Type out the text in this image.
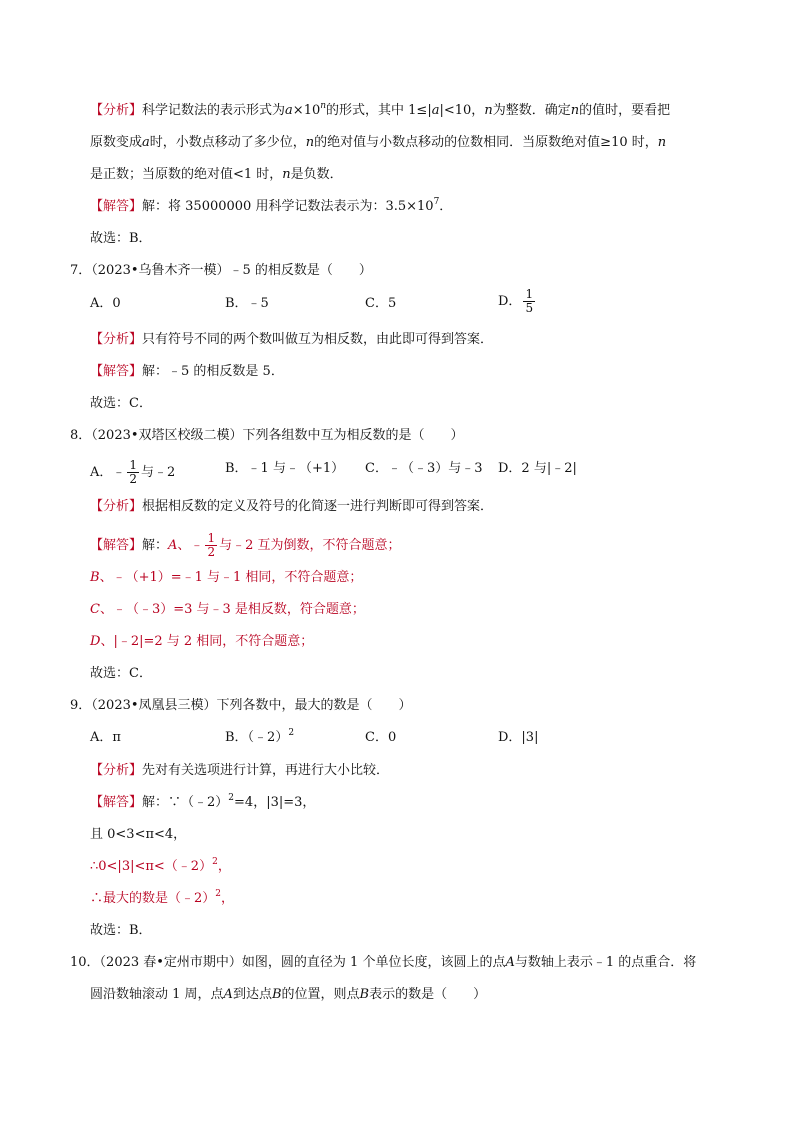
【分析】科学记数法的表示形式为$a\times 10^n$的形式，其中 1≤|a|<10，n为整数．确定n的值时，要看把
原数变成a时，小数点移动了多少位，n的绝对值与小数点移动的位数相同．当原数绝对值≥10 时，n
是正数；当原数的绝对值<1 时，n是负数．
【解答】解：将 35000000 用科学记数法表示为：$3.5\times 10^7$．
故选：B．
7．（2023•乌鲁木齐一模）﹣5 的相反数是（　　）
A．0	B．﹣5	C．5	D． $\frac{1}{5}$
【分析】只有符号不同的两个数叫做互为相反数，由此即可得到答案．
【解答】解：﹣5 的相反数是 5．
故选：C．
8．（2023•双塔区校级二模）下列各组数中互为相反数的是（　　）
A．﹣ $\frac{1}{2}$ 与﹣2	B．﹣1 与﹣（+1） C．﹣（﹣3）与﹣3 D．2 与|﹣2|
【分析】根据相反数的定义及符号的化简逐一进行判断即可得到答案．
【解答】解：A、﹣ $\frac{1}{2}$ 与﹣2 互为倒数，不符合题意；
B、﹣（+1）=﹣1 与﹣1 相同，不符合题意；
C、﹣（﹣3）=3 与﹣3 是相反数，符合题意；
D、|﹣2|=2 与 2 相同，不符合题意；
故选：C．
9．（2023•凤凰县三模）下列各数中，最大的数是（　　）
A．π	B．（﹣2）$^2$	C．0	D．|3|
【分析】先对有关选项进行计算，再进行大小比较．
【解答】解：∵（﹣2）$^2$=4，|3|=3，
且 0<3<π<4，
∴0<|3|<π<（﹣2）$^2$，
∴最大的数是（﹣2）$^2$，
故选：B．
10．（2023 春•定州市期中）如图，圆的直径为 1 个单位长度，该圆上的点A与数轴上表示﹣1 的点重合．将
圆沿数轴滚动 1 周，点A到达点B的位置，则点B表示的数是（　　）
